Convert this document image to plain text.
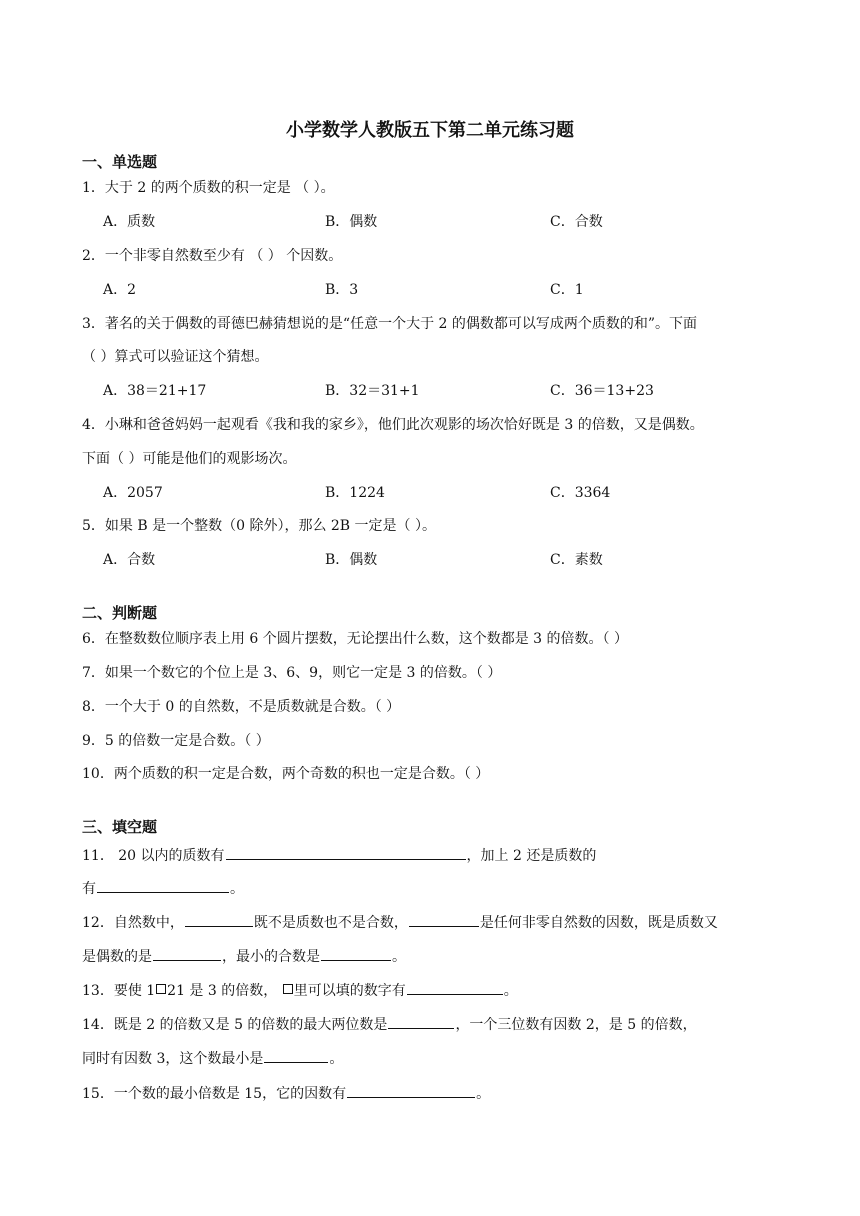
小学数学人教版五下第二单元练习题
一、单选题
1．大于 2 的两个质数的积一定是 （ ）。
A．质数	B．偶数	C．合数
2．一个非零自然数至少有 （ ） 个因数。
A．2	B．3	C．1
3．著名的关于偶数的哥德巴赫猜想说的是“任意一个大于 2 的偶数都可以写成两个质数的和”。下面
（ ）算式可以验证这个猜想。
A．38＝21+17	B．32＝31+1	C．36＝13+23
4．小琳和爸爸妈妈一起观看《我和我的家乡》，他们此次观影的场次恰好既是 3 的倍数，又是偶数。
下面（ ）可能是他们的观影场次。
A．2057	B．1224	C．3364
5．如果 B 是一个整数（0 除外），那么 2B 一定是（ ）。
A．合数	B．偶数	C．素数
二、判断题
6．在整数数位顺序表上用 6 个圆片摆数，无论摆出什么数，这个数都是 3 的倍数。（ ）
7．如果一个数它的个位上是 3、6、9，则它一定是 3 的倍数。（ ）
8．一个大于 0 的自然数，不是质数就是合数。（ ）
9．5 的倍数一定是合数。（ ）
10．两个质数的积一定是合数，两个奇数的积也一定是合数。（ ）
三、填空题
11． 20 以内的质数有	，加上 2 还是质数的
有	。
12．自然数中，	既不是质数也不是合数，	是任何非零自然数的因数，既是质数又
是偶数的是	，最小的合数是	。
13．要使 1 21 是 3 的倍数， 里可以填的数字有	。
14．既是 2 的倍数又是 5 的倍数的最大两位数是	，一个三位数有因数 2，是 5 的倍数，
同时有因数 3，这个数最小是	。
15．一个数的最小倍数是 15，它的因数有	。
